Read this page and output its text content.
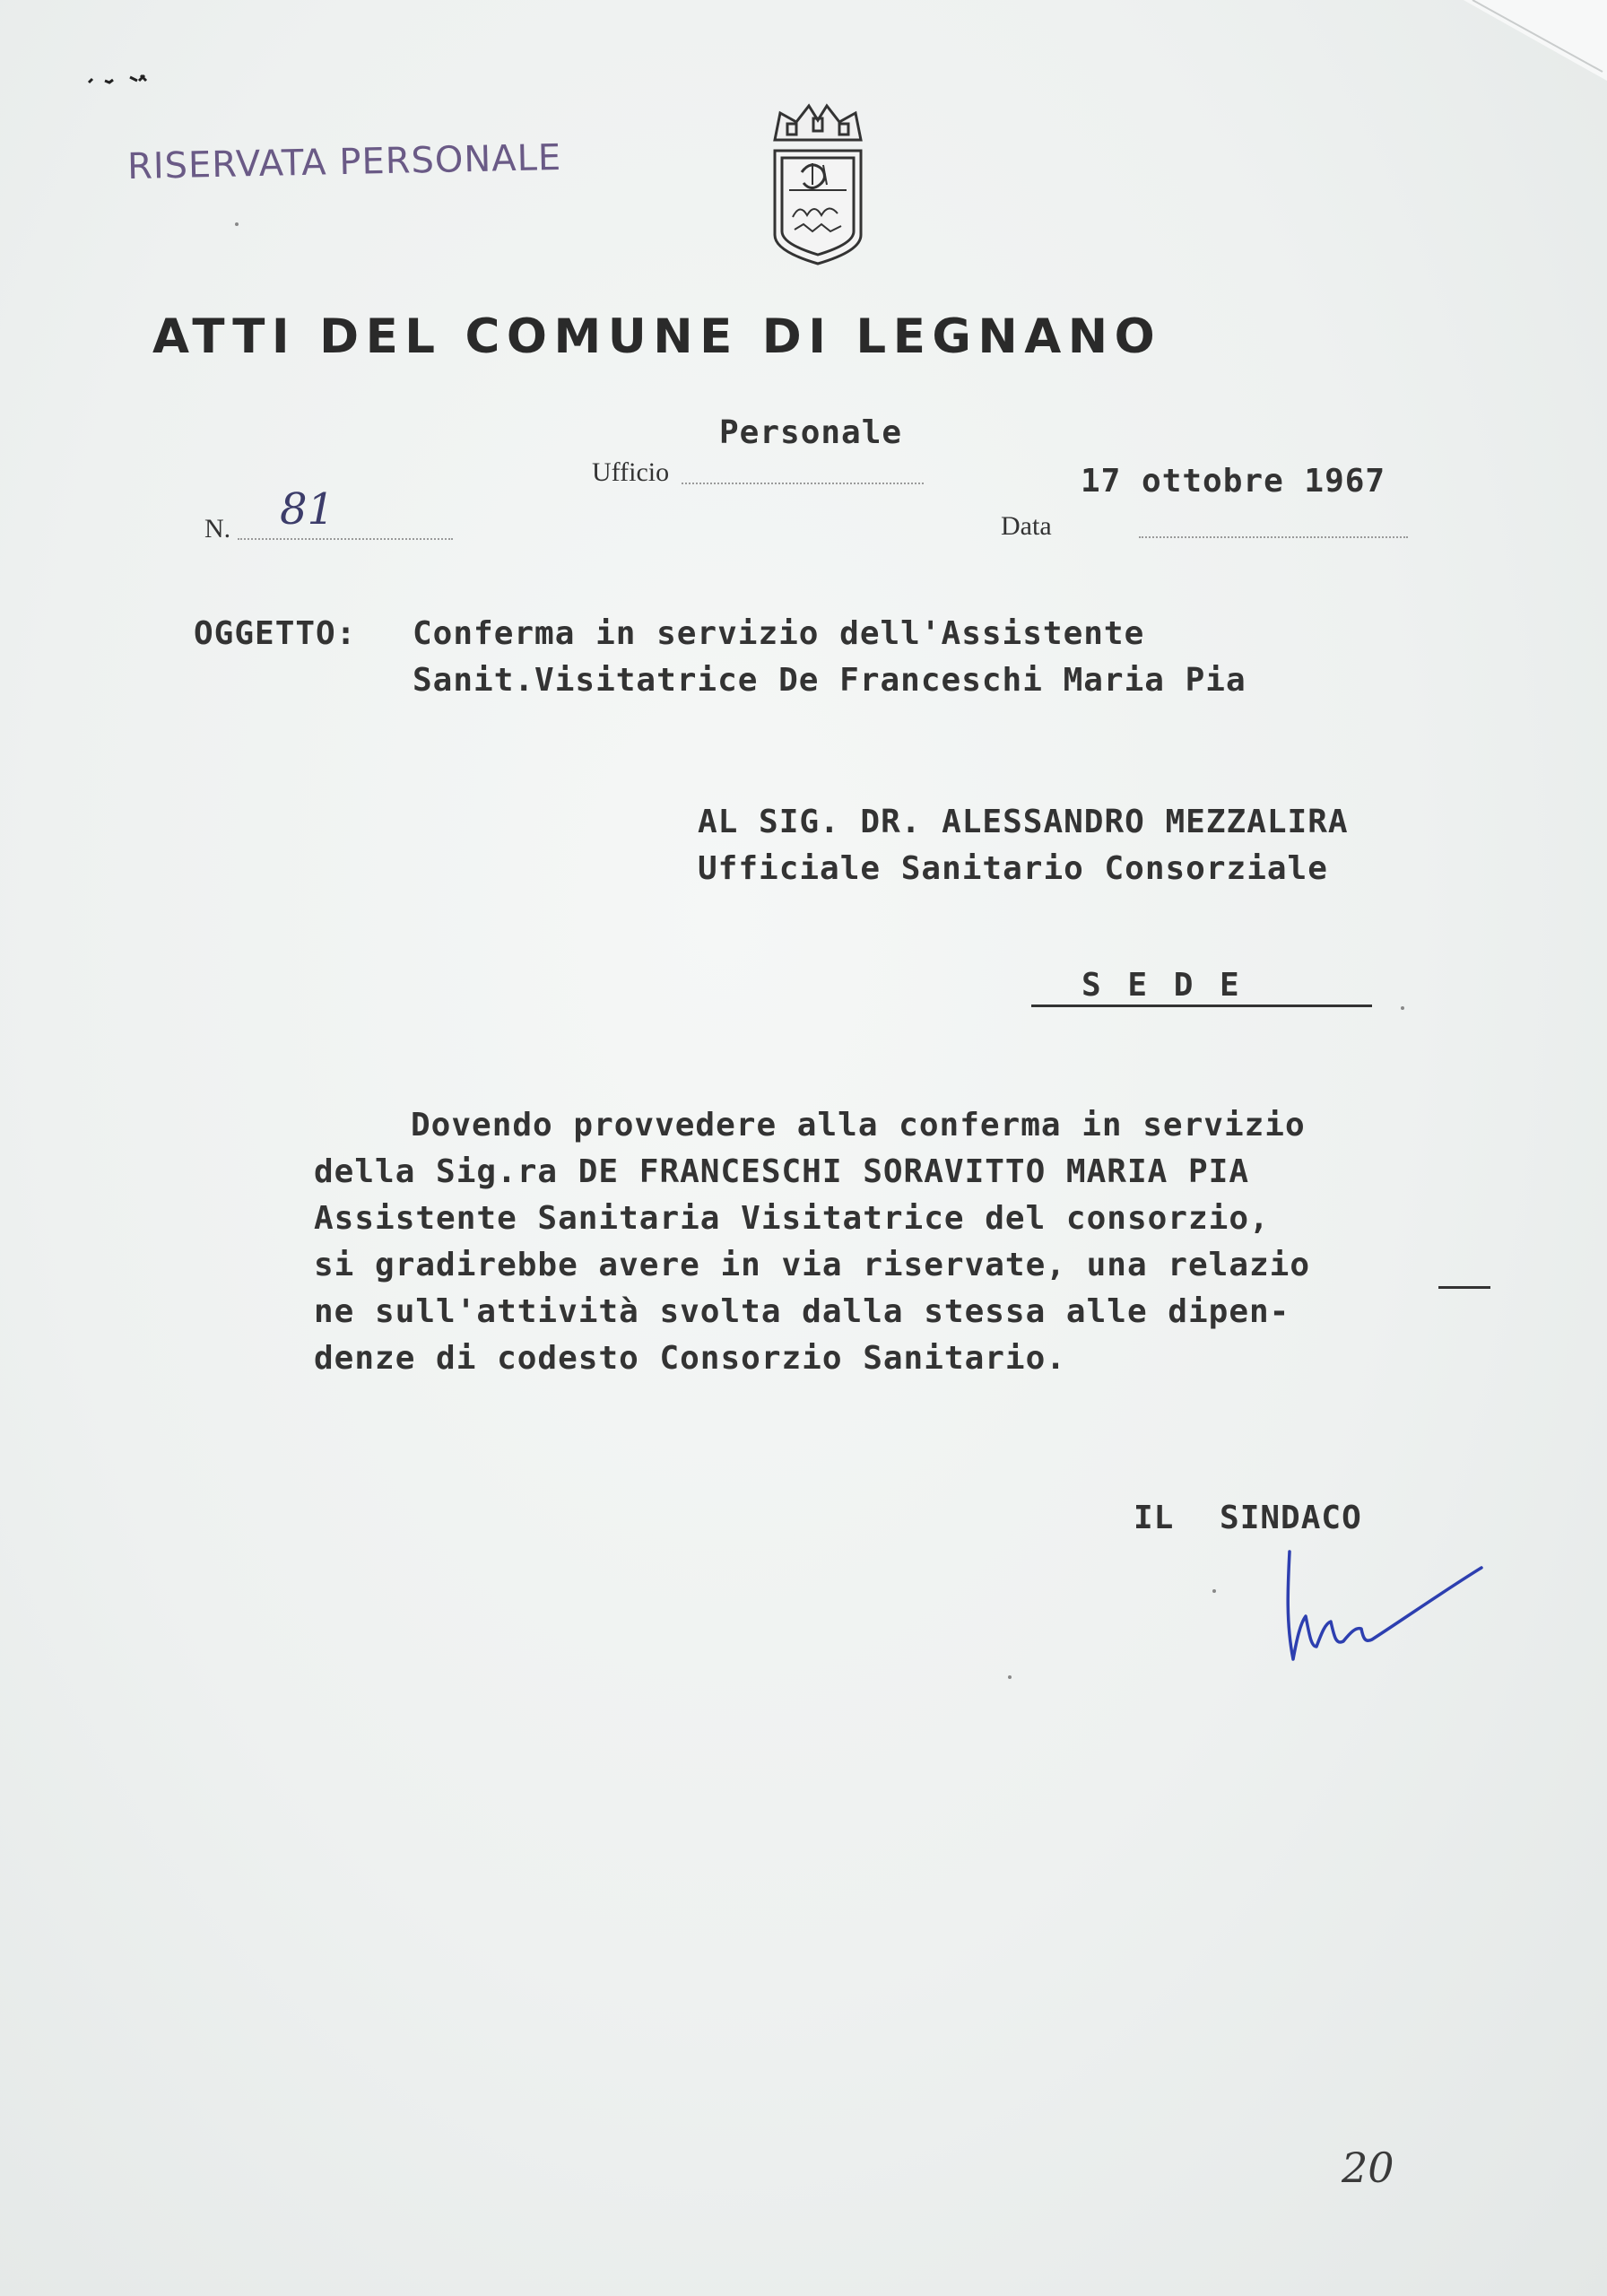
RISERVATA PERSONALE
ATTI DEL COMUNE DI LEGNANO
Personale
Ufficio	17 ottobre 1967
Data
N. 81
OGGETTO: Conferma in servizio dell'Assistente
Sanit.Visitatrice De Franceschi Maria Pia
AL SIG. DR. ALESSANDRO MEZZALIRA
Ufficiale Sanitario Consorziale
S E D E
Dovendo provvedere alla conferma in servizio
della Sig.ra DE FRANCESCHI SORAVITTO MARIA PIA
Assistente Sanitaria Visitatrice del consorzio,
si gradirebbe avere in via riservate, una relazio
ne sull'attività svolta dalla stessa alle dipen-
denze di codesto Consorzio Sanitario.
IL SINDACO
20
